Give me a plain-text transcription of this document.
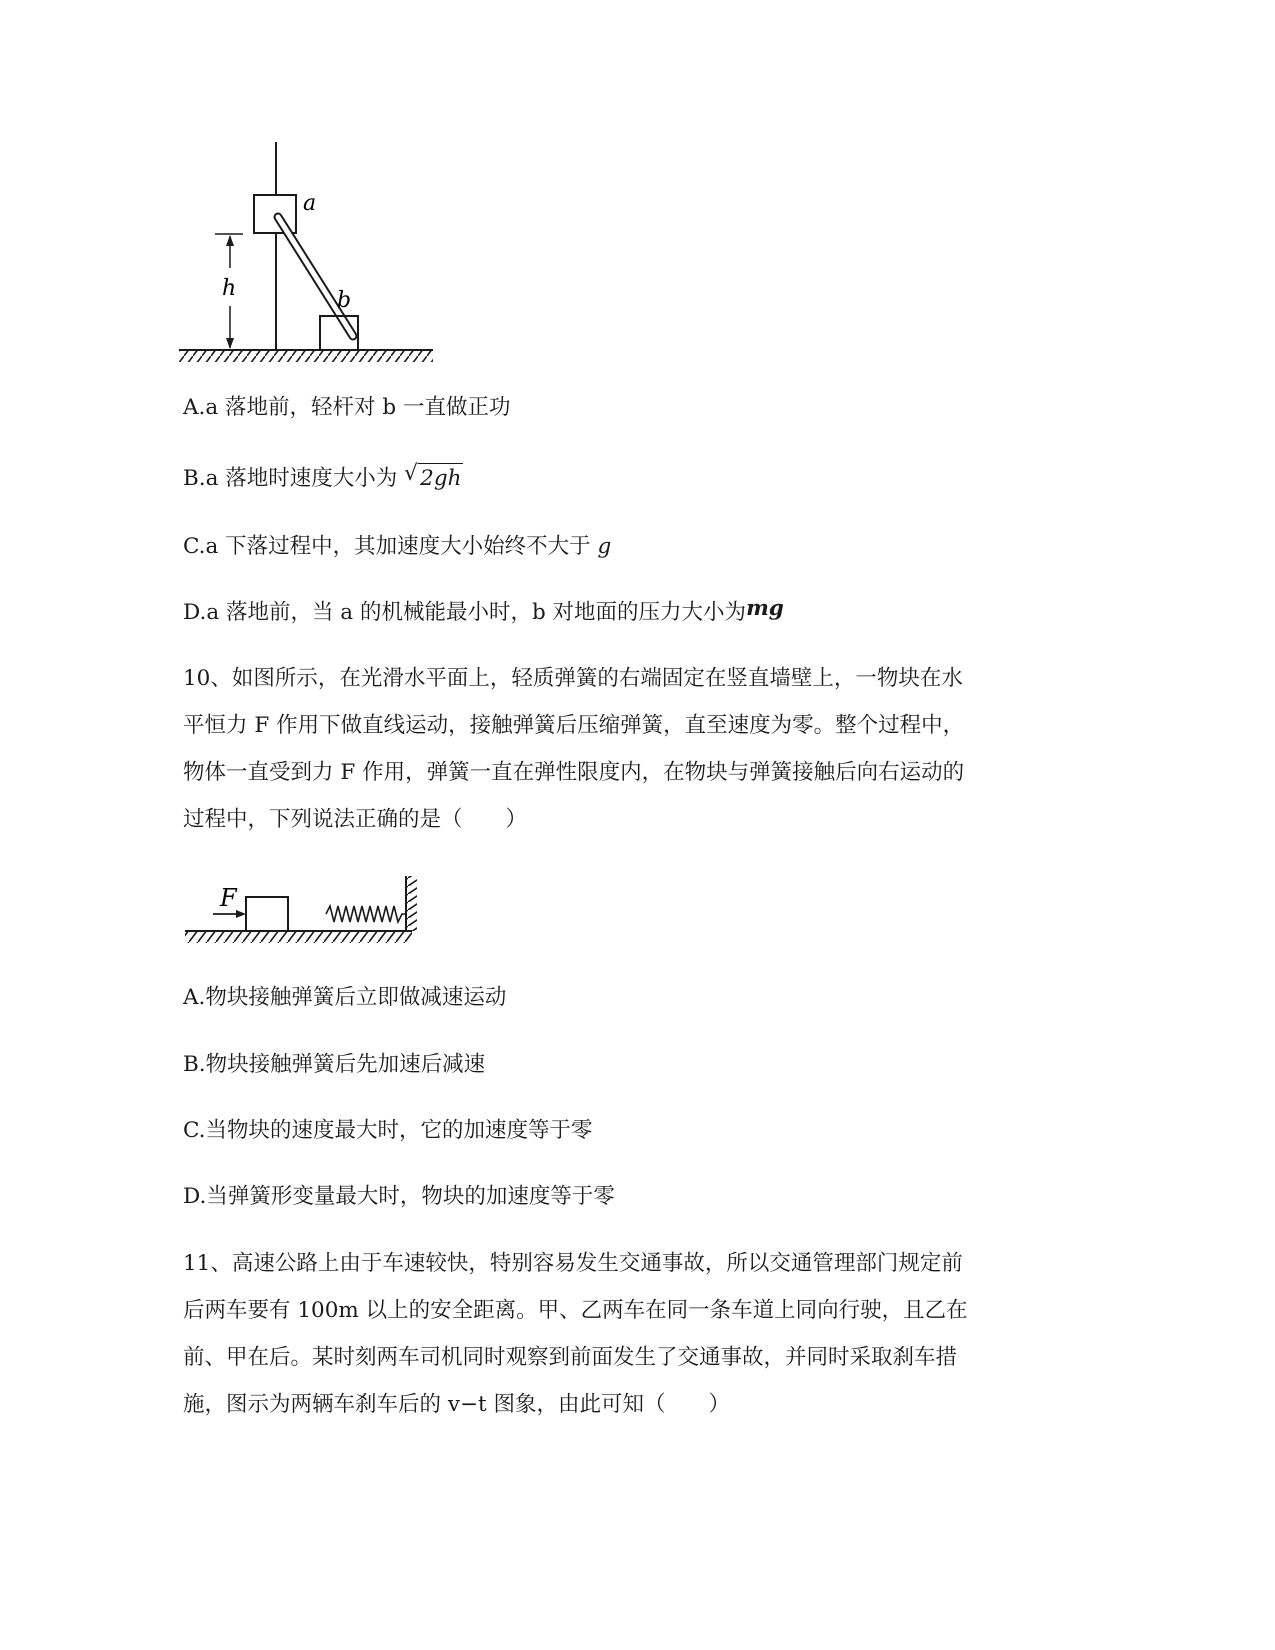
h
a
b
A.a 落地前，轻杆对 b 一直做正功
B.a 落地时速度大小为 √ 2gh
C.a 下落过程中，其加速度大小始终不大于 g
D.a 落地前，当 a 的机械能最小时，b 对地面的压力大小为mg
10、如图所示，在光滑水平面上，轻质弹簧的右端固定在竖直墙壁上，一物块在水
平恒力 F 作用下做直线运动，接触弹簧后压缩弹簧，直至速度为零。整个过程中，
物体一直受到力 F 作用，弹簧一直在弹性限度内，在物块与弹簧接触后向右运动的
过程中，下列说法正确的是（　　）
F
A.物块接触弹簧后立即做减速运动
B.物块接触弹簧后先加速后减速
C.当物块的速度最大时，它的加速度等于零
D.当弹簧形变量最大时，物块的加速度等于零
11、高速公路上由于车速较快，特别容易发生交通事故，所以交通管理部门规定前
后两车要有 100m 以上的安全距离。甲、乙两车在同一条车道上同向行驶，且乙在
前、甲在后。某时刻两车司机同时观察到前面发生了交通事故，并同时采取刹车措
施，图示为两辆车刹车后的 v−t 图象，由此可知（　　）
